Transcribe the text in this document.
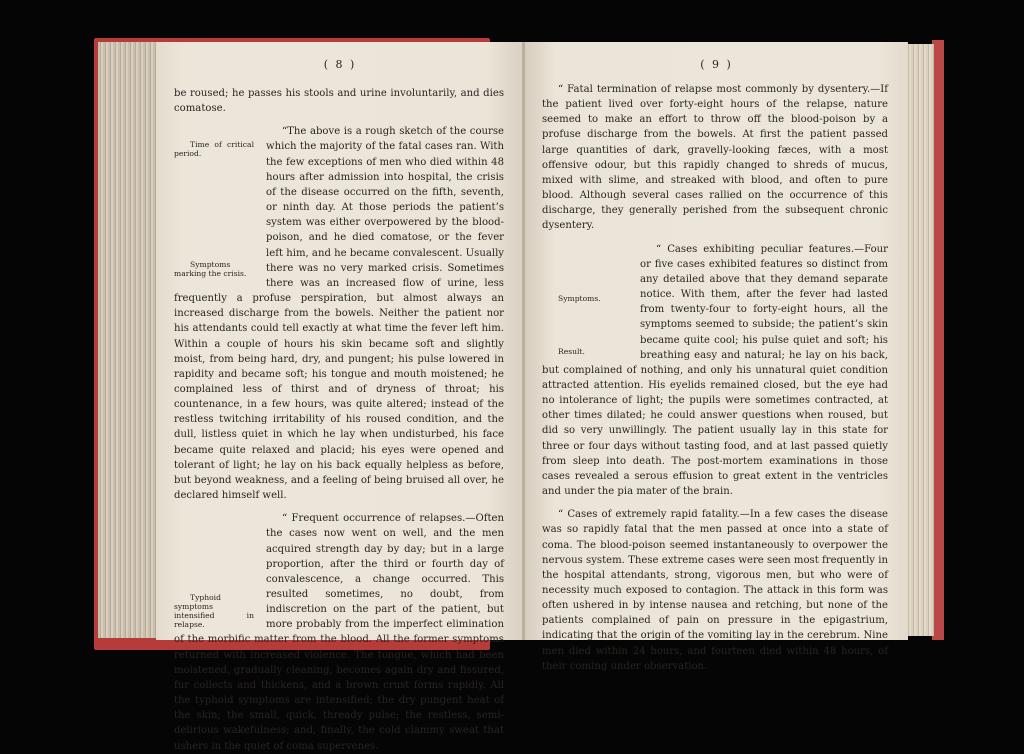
( 8 )

be roused; he passes his stools and urine involuntarily, and dies comatose.

Time of critical period.
Symptoms marking the crisis.
“The above is a rough sketch of the course which the majority of the fatal cases ran. With the few exceptions of men who died within 48 hours after admission into hospital, the crisis of the disease occurred on the fifth, seventh, or ninth day. At those periods the patient’s system was either overpowered by the blood-poison, and he died comatose, or the fever left him, and he became convalescent. Usually there was no very marked crisis. Sometimes there was an increased flow of urine, less frequently a profuse perspiration, but almost always an increased discharge from the bowels. Neither the patient nor his attendants could tell exactly at what time the fever left him. Within a couple of hours his skin became soft and slightly moist, from being hard, dry, and pungent; his pulse lowered in rapidity and became soft; his tongue and mouth moistened; he complained less of thirst and of dryness of throat; his countenance, in a few hours, was quite altered; instead of the restless twitching irritability of his roused condition, and the dull, listless quiet in which he lay when undisturbed, his face became quite relaxed and placid; his eyes were opened and tolerant of light; he lay on his back equally helpless as before, but beyond weakness, and a feeling of being bruised all over, he declared himself well.

Typhoid symptoms intensified in relapse.
“ Frequent occurrence of relapses.—Often the cases now went on well, and the men acquired strength day by day; but in a large proportion, after the third or fourth day of convalescence, a change occurred. This resulted sometimes, no doubt, from indiscretion on the part of the patient, but more probably from the imperfect elimination of the morbific matter from the blood. All the former symptoms returned with increased violence. The tongue, which had been moistened, gradually cleaning, becomes again dry and fissured, fur collects and thickens, and a brown crust forms rapidly. All the typhoid symptoms are intensified; the dry pungent heat of the skin; the small, quick, thready pulse; the restless, semi-delirious wakefulness; and, finally, the cold clammy sweat that ushers in the quiet of coma supervenes.

( 9 )

“ Fatal termination of relapse most commonly by dysentery.—If the patient lived over forty-eight hours of the relapse, nature seemed to make an effort to throw off the blood-poison by a profuse discharge from the bowels. At first the patient passed large quantities of dark, gravelly-looking fæces, with a most offensive odour, but this rapidly changed to shreds of mucus, mixed with slime, and streaked with blood, and often to pure blood. Although several cases rallied on the occurrence of this discharge, they generally perished from the subsequent chronic dysentery.

Symptoms.
Result.
“ Cases exhibiting peculiar features.—Four or five cases exhibited features so distinct from any detailed above that they demand separate notice. With them, after the fever had lasted from twenty-four to forty-eight hours, all the symptoms seemed to subside; the patient’s skin became quite cool; his pulse quiet and soft; his breathing easy and natural; he lay on his back, but complained of nothing, and only his unnatural quiet condition attracted attention. His eyelids remained closed, but the eye had no intolerance of light; the pupils were sometimes contracted, at other times dilated; he could answer questions when roused, but did so very unwillingly. The patient usually lay in this state for three or four days without tasting food, and at last passed quietly from sleep into death. The post-mortem examinations in those cases revealed a serous effusion to great extent in the ventricles and under the pia mater of the brain.

“ Cases of extremely rapid fatality.—In a few cases the disease was so rapidly fatal that the men passed at once into a state of coma. The blood-poison seemed instantaneously to overpower the nervous system. These extreme cases were seen most frequently in the hospital attendants, strong, vigorous men, but who were of necessity much exposed to contagion. The attack in this form was often ushered in by intense nausea and retching, but none of the patients complained of pain on pressure in the epigastrium, indicating that the origin of the vomiting lay in the cerebrum. Nine men died within 24 hours, and fourteen died within 48 hours, of their coming under observation.
